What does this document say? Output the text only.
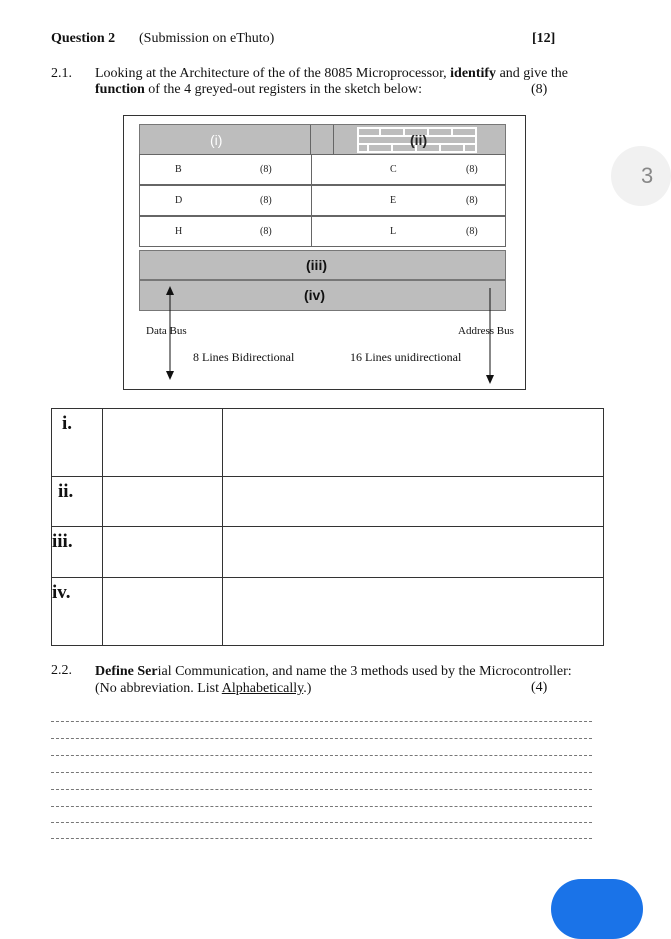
Question 2 (Submission on eThuto)	[12]
2.1. Looking at the Architecture of the of the 8085 Microprocessor, identify and give the
function of the 4 greyed-out registers in the sketch below:	(8)
(i)	(ii)
B	(8)	C	(8)
D	(8)	E	(8)
H	(8)	L	(8)
(iii)
(iv)
Data Bus	Address Bus
8 Lines Bidirectional	16 Lines unidirectional
i.		

ii.		

iii.		

iv.		

2.2. Define Serial Communication, and name the 3 methods used by the Microcontroller:
(No abbreviation. List Alphabetically.)	(4)
3
